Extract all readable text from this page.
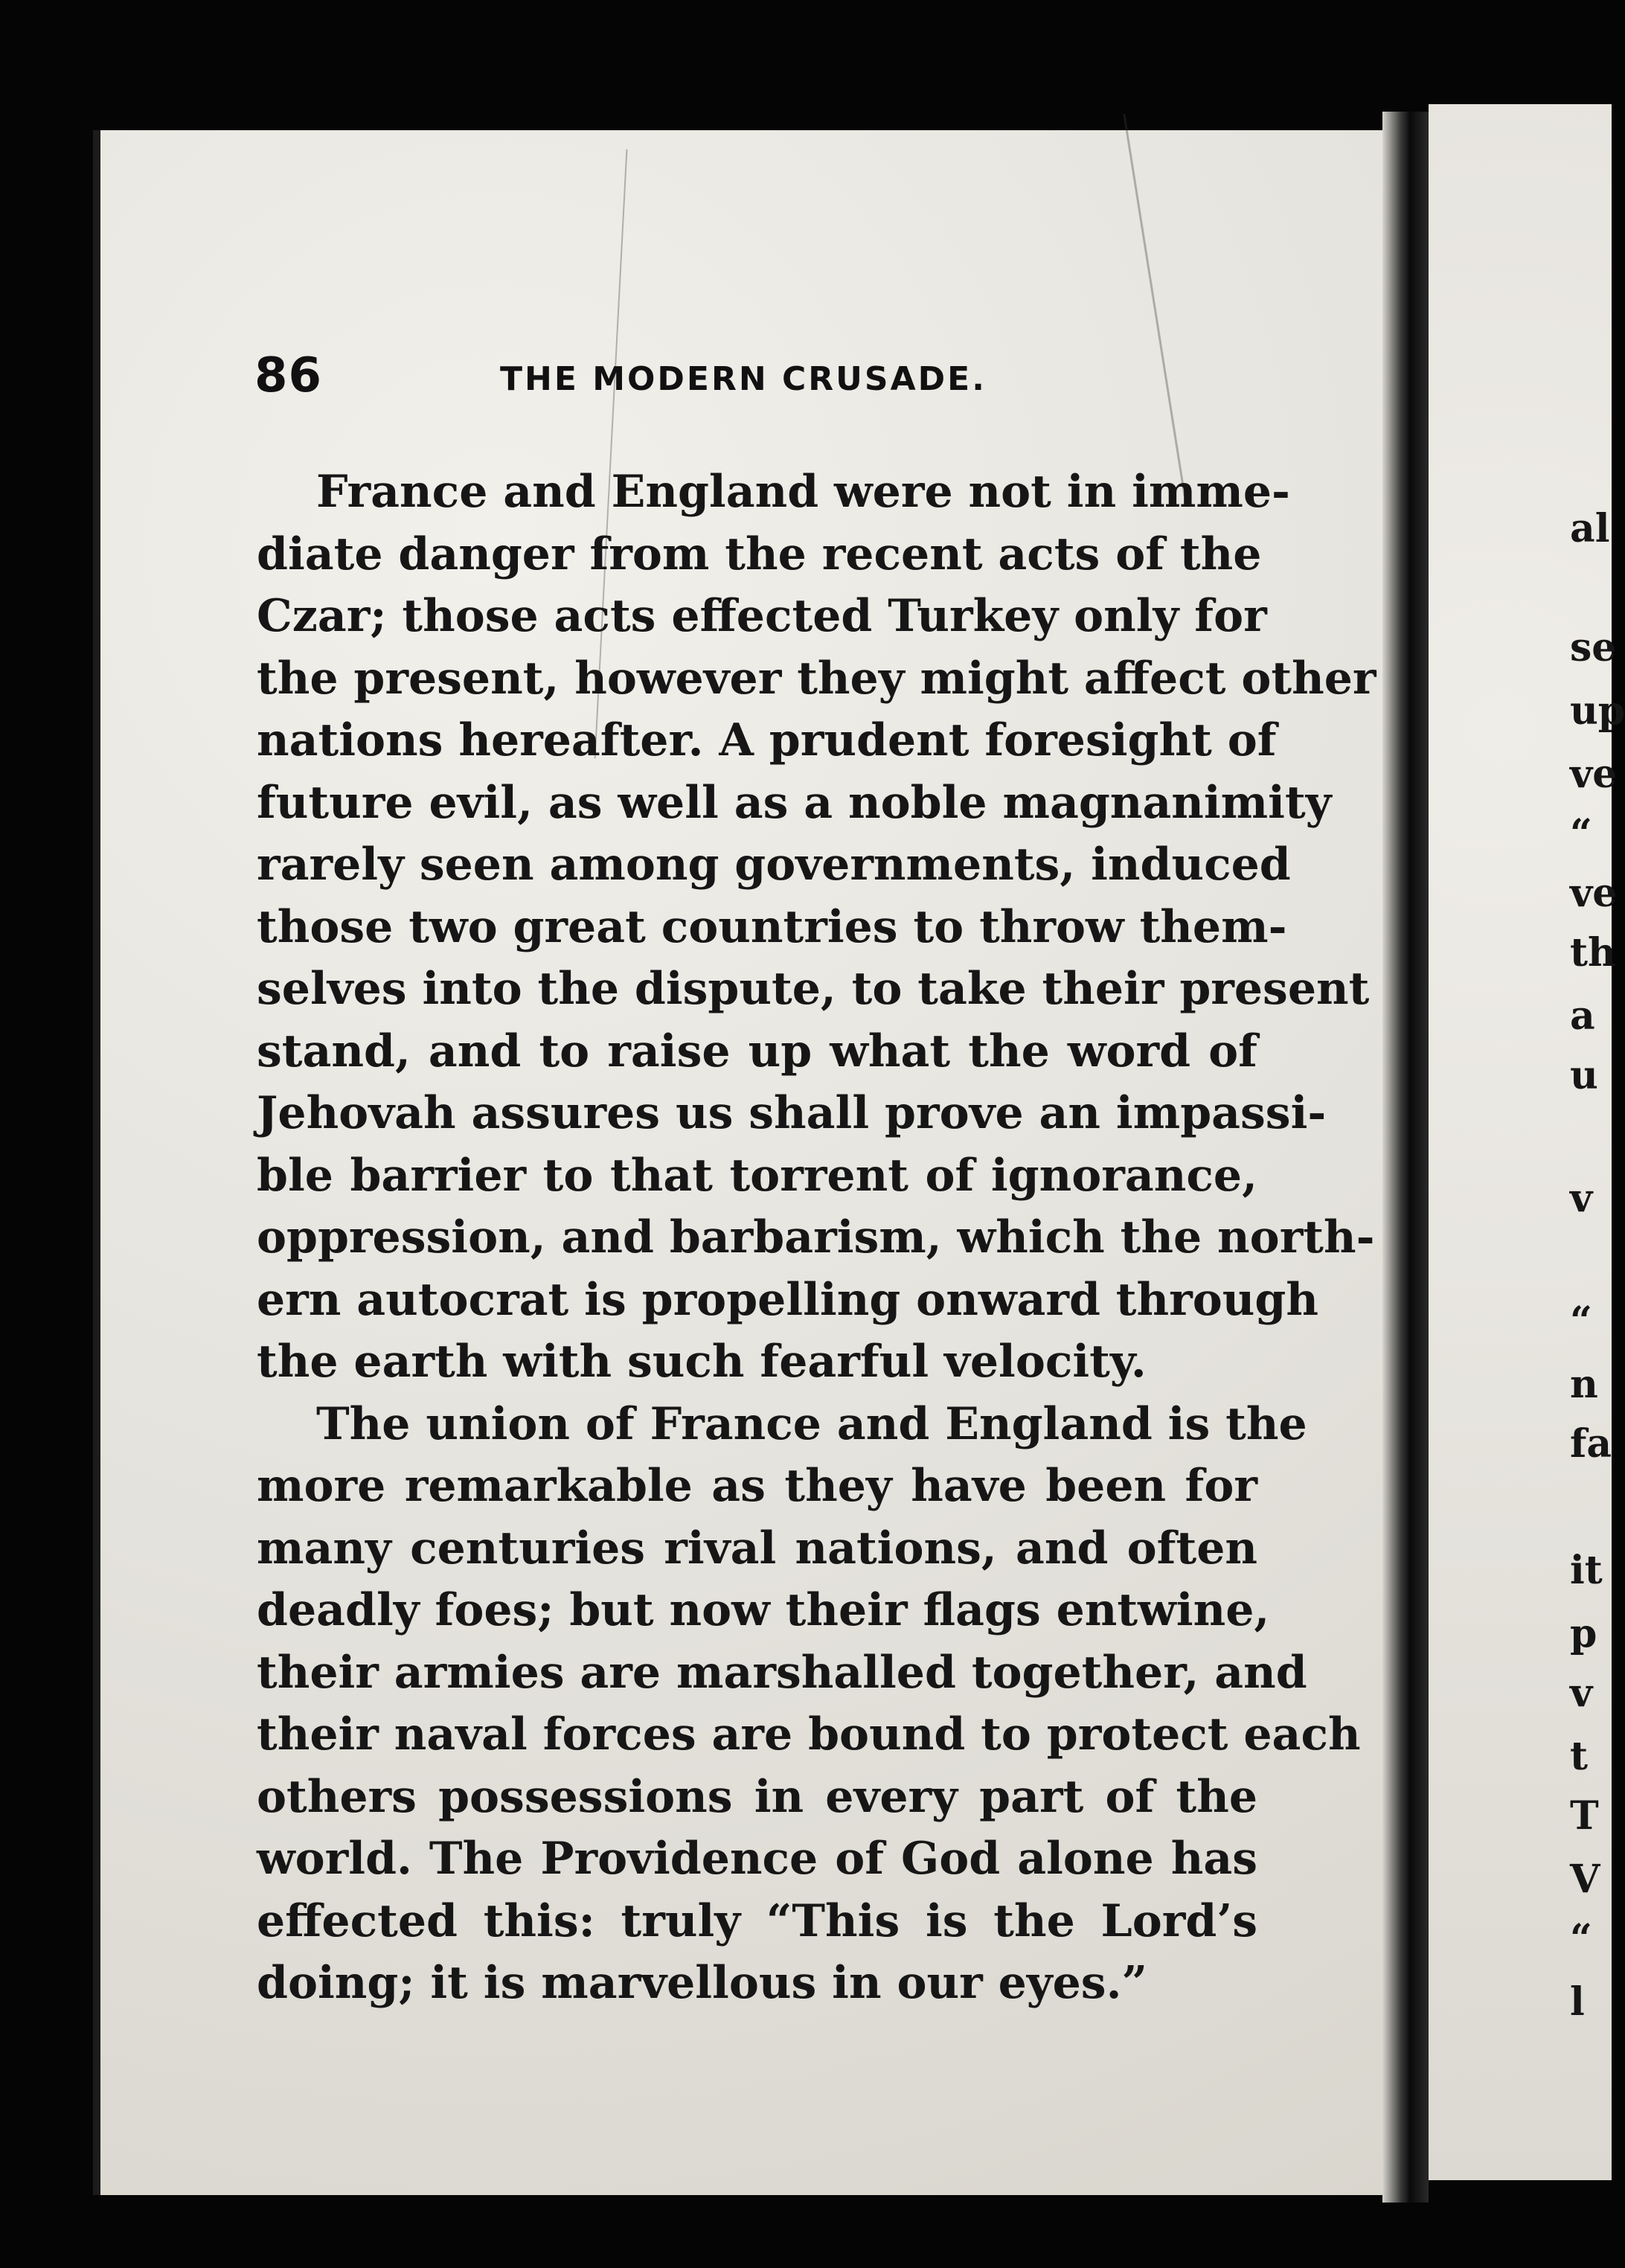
86	THE MODERN CRUSADE.
France and England were not in imme-
diate danger from the recent acts of the
Czar; those acts effected Turkey only for
the present, however they might affect other
nations hereafter. A prudent foresight of
future evil, as well as a noble magnanimity
rarely seen among governments, induced
those two great countries to throw them-
selves into the dispute, to take their present
stand, and to raise up what the word of
Jehovah assures us shall prove an impassi-
ble barrier to that torrent of ignorance,
oppression, and barbarism, which the north-
ern autocrat is propelling onward through
the earth with such fearful velocity.
The union of France and England is the
more remarkable as they have been for
many centuries rival nations, and often
deadly foes; but now their flags entwine,
their armies are marshalled together, and
their naval forces are bound to protect each
others possessions in every part of the
world. The Providence of God alone has
effected this: truly “This is the Lord’s
doing; it is marvellous in our eyes.”
al
se
up
ve
“
ve
th
a
u
v
“
n
fa
it
p
v
t
T
V
“
l
